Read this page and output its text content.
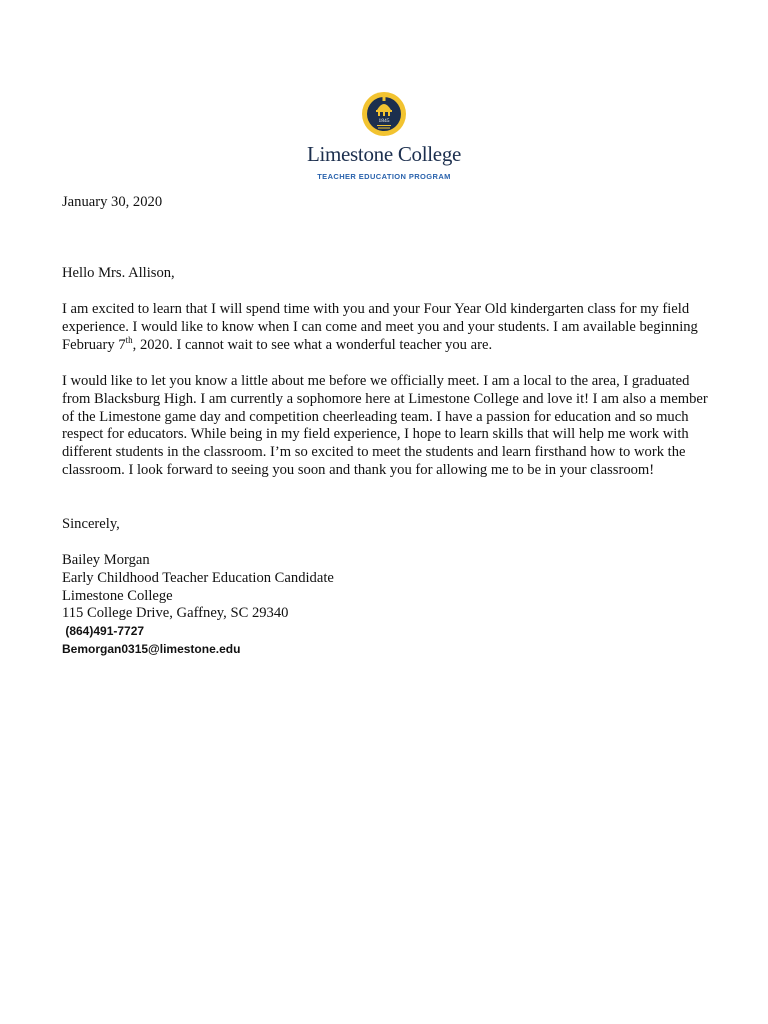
1845
Limestone College
TEACHER EDUCATION PROGRAM

January 30, 2020

Hello Mrs. Allison,

I am excited to learn that I will spend time with you and your Four Year Old kindergarten class for my field experience. I would like to know when I can come and meet you and your students. I am available beginning February 7th, 2020. I cannot wait to see what a wonderful teacher you are.

I would like to let you know a little about me before we officially meet. I am a local to the area, I graduated from Blacksburg High. I am currently a sophomore here at Limestone College and love it! I am also a member of the Limestone game day and competition cheerleading team. I have a passion for education and so much respect for educators. While being in my field experience, I hope to learn skills that will help me work with different students in the classroom. I’m so excited to meet the students and learn firsthand how to work the classroom. I look forward to seeing you soon and thank you for allowing me to be in your classroom!

Sincerely,

Bailey Morgan
Early Childhood Teacher Education Candidate
Limestone College
115 College Drive, Gaffney, SC 29340
(864)491-7727
Bemorgan0315@limestone.edu
